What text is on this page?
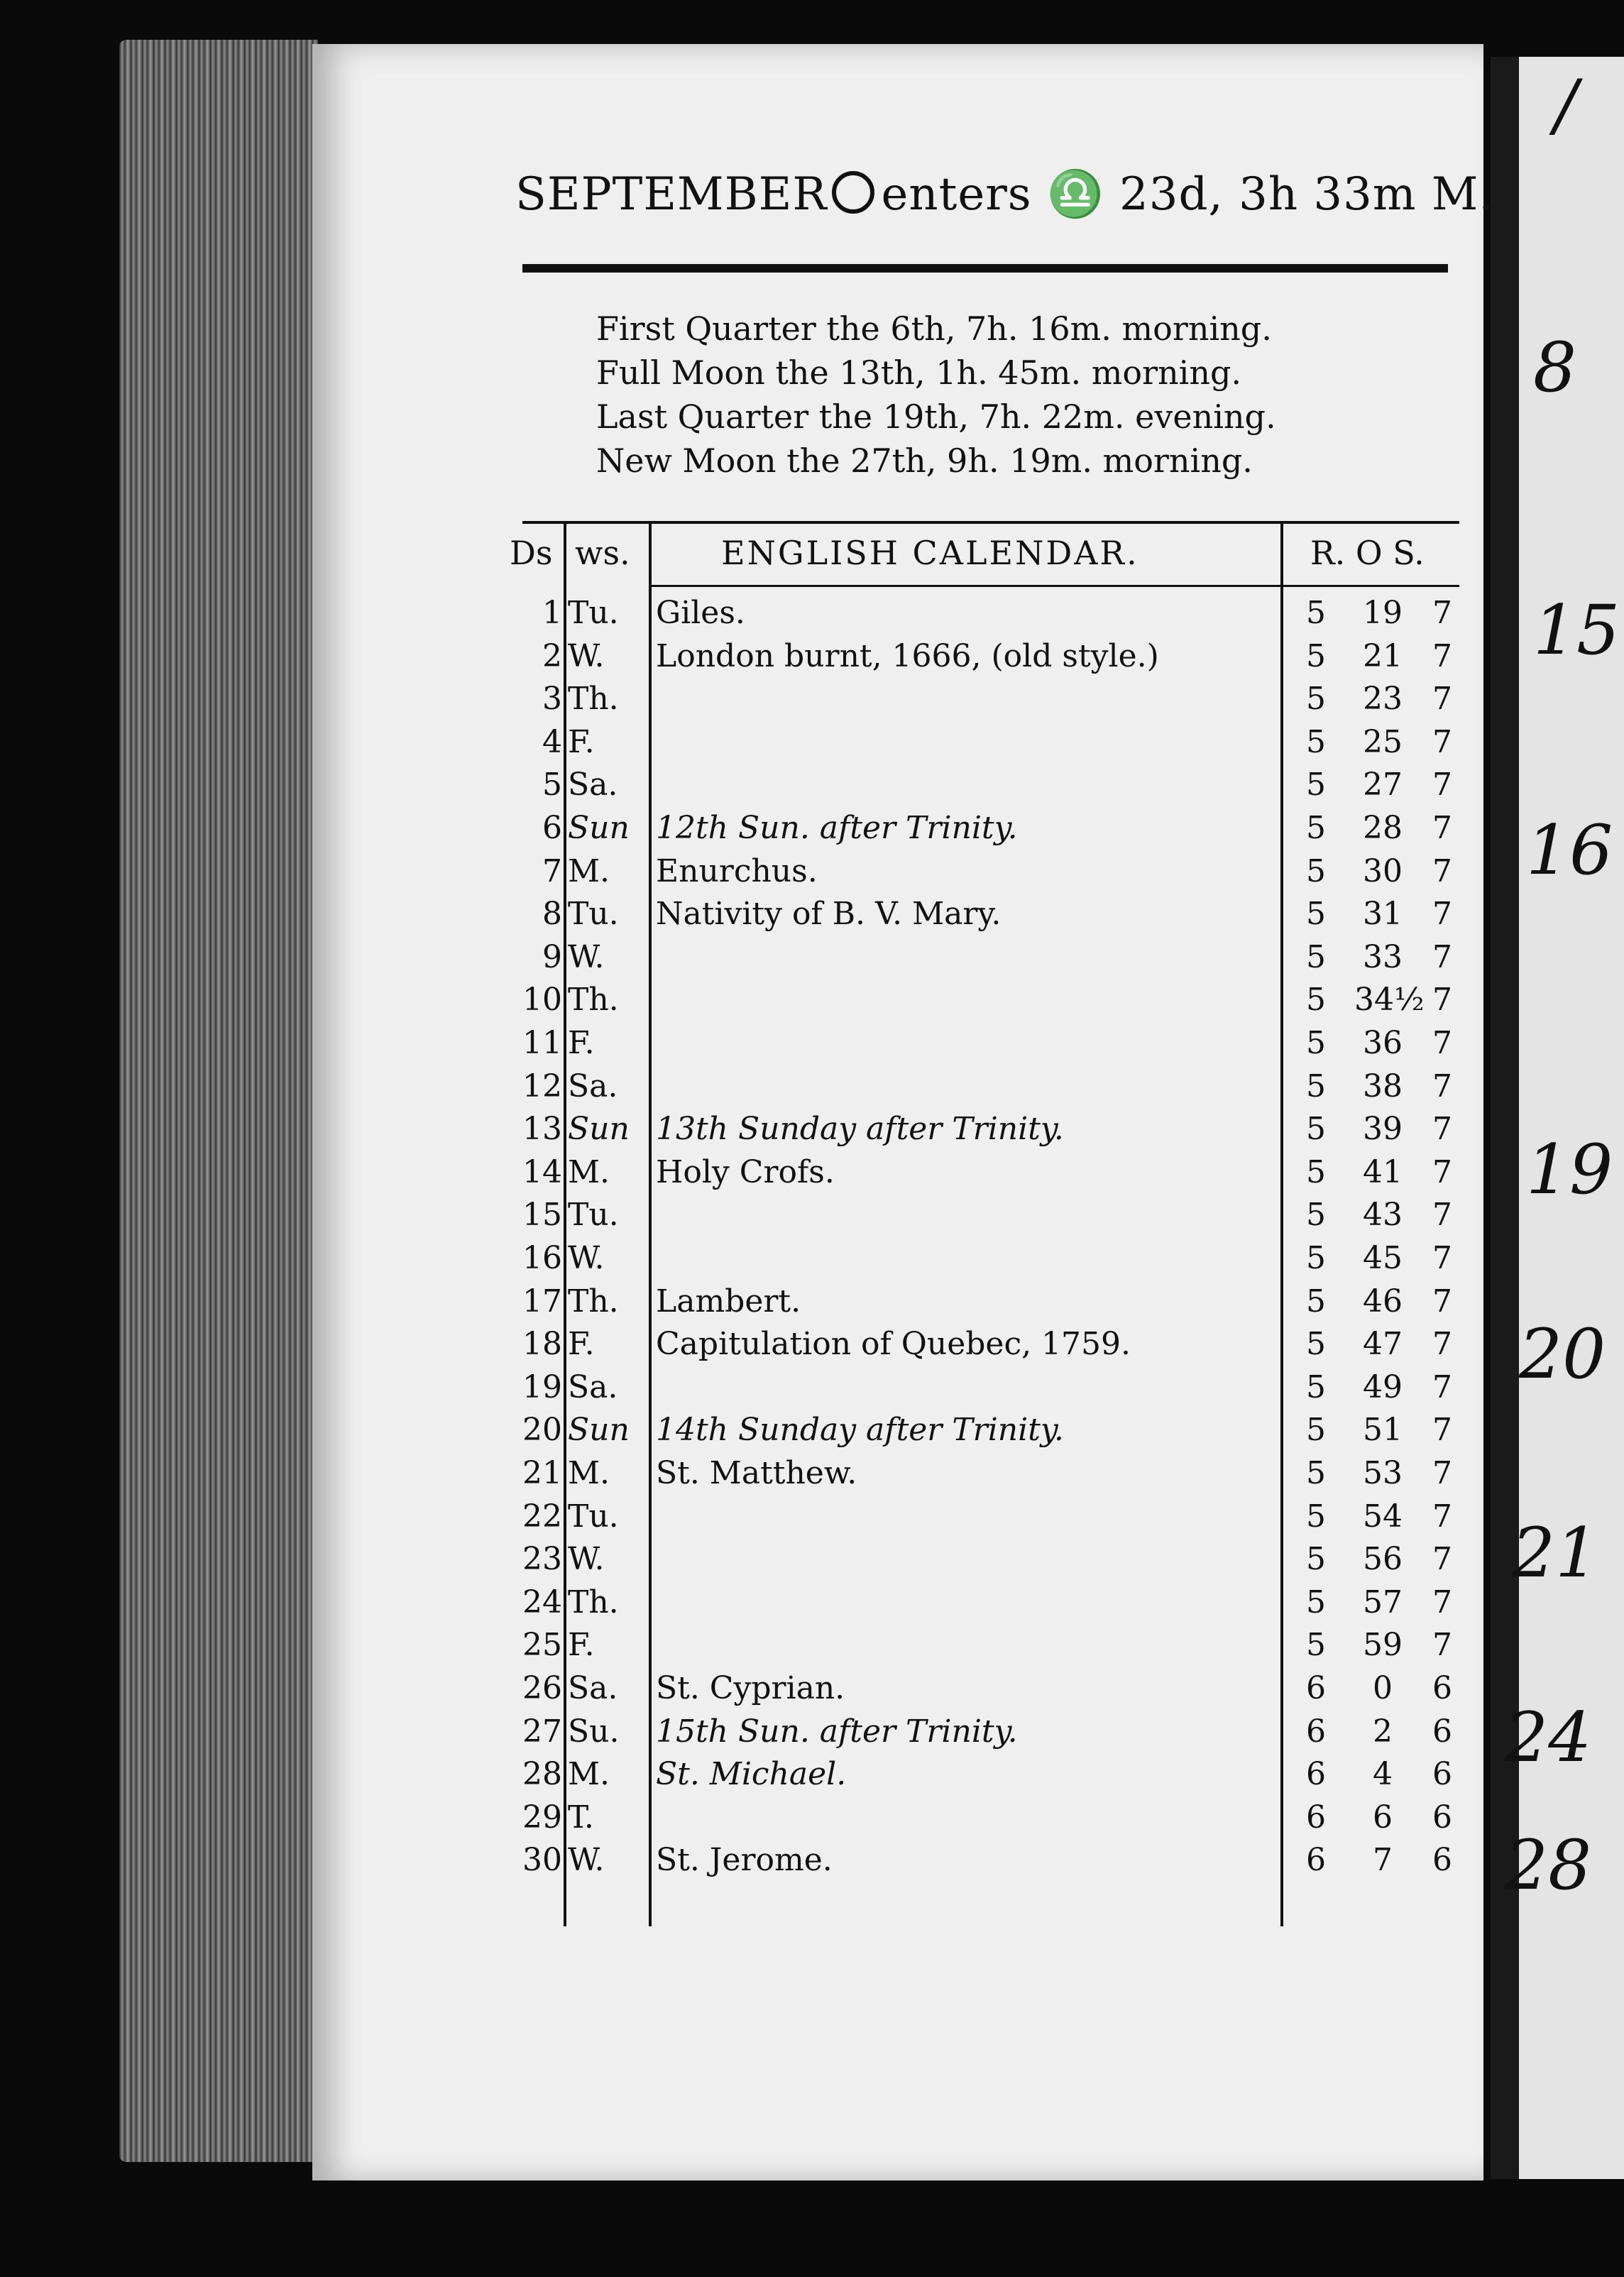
/
8
15
16
19
20
21
24
28
SEPTEMBER enters ♎ 23d, 3h 33m M.
First Quarter the 6th, 7h. 16m. morning.
Full Moon the 13th, 1h. 45m. morning.
Last Quarter the 19th, 7h. 22m. evening.
New Moon the 27th, 9h. 19m. morning.
Ds ws.	ENGLISH CALENDAR.	R. O S.
1 Tu. Giles.	5 19 7
2 W. London burnt, 1666, (old style.)	5 21 7
3 Th.	5 23 7
4 F.	5 25 7
5 Sa.	5 27 7
6 Sun 12th Sun. after Trinity.	5 28 7
7 M. Enurchus.	5 30 7
8 Tu. Nativity of B. V. Mary.	5 31 7
9 W.	5 33 7
10 Th.	5 34½ 7
11 F.	5 36 7
12 Sa.	5 38 7
13 Sun 13th Sunday after Trinity.	5 39 7
14 M. Holy Crofs.	5 41 7
15 Tu.	5 43 7
16 W.	5 45 7
17 Th. Lambert.	5 46 7
18 F. Capitulation of Quebec, 1759.	5 47 7
19 Sa.	5 49 7
20 Sun 14th Sunday after Trinity.	5 51 7
21 M. St. Matthew.	5 53 7
22 Tu.	5 54 7
23 W.	5 56 7
24 Th.	5 57 7
25 F.	5 59 7
26 Sa. St. Cyprian.	6	0	6
27 Su. 15th Sun. after Trinity.	6	2	6
28 M. St. Michael.	6	4	6
29 T.	6	6	6
30 W. St. Jerome.	6	7	6
